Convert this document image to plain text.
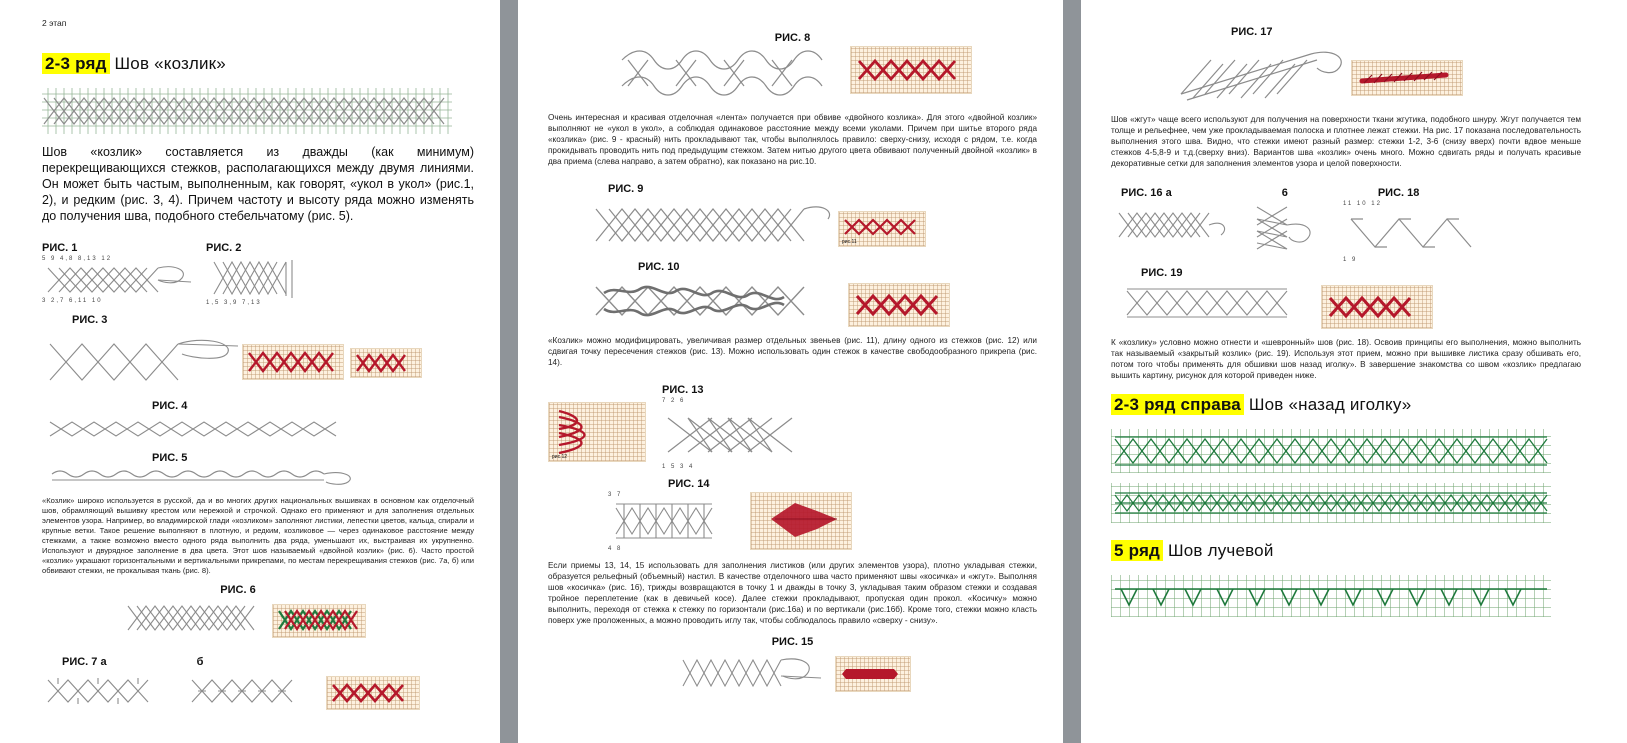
2 этап
2-3 ряд Шов «козлик»

Шов «козлик» составляется из дважды (как минимум) перекрещивающихся стежков, располагающихся между двумя линиями. Он может быть частым, выполненным, как говорят, «укол в укол» (рис.1, 2), и редким (рис. 3, 4). Причем частоту и высоту ряда можно изменять до получения шва, подобного стебельчатому (рис. 5).

РИС. 1
5 9 4,8 8,13 12
3 2,7 6,11 10
РИС. 2
1,5 3,9 7,13
РИС. 3
РИС. 4
РИС. 5

«Козлик» широко используется в русской, да и во многих других национальных вышивках в основном как отделочный шов, обрамляющий вышивку крестом или нережкой и строчкой. Однако его применяют и для заполнения отдельных элементов узора. Например, во владимирской глади «козликом» заполняют листики, лепестки цветов, кальца, спирали и крупные ветки. Такое решение выполняют в плотную, и редким, козликовое — через одинаковое расстояние между стежками, а также возможно вместо одного ряда выполнить два ряда, уменьшают их, выстраивая их укрупненно. Используют и двурядное заполнение в два цвета. Этот шов называемый «двойной козлик» (рис. 6). Часто простой «козлик» украшают горизонтальными и вертикальными прикрепами, по местам перекрещивания стежков (рис. 7а, б) или обвивают стежки, не прокалывая ткань (рис. 8).

РИС. 6
РИС. 7 а	б
РИС. 8

Очень интересная и красивая отделочная «лента» получается при обвиве «двойного козлика». Для этого «двойной козлик» выполняют не «укол в укол», а соблюдая одинаковое расстояние между всеми уколами. Причем при шитье второго ряда «козлика» (рис. 9 - красный) нить прокладывают так, чтобы выполнялось правило: сверху-снизу, исходя с рядом, т.е. когда прокидывать проводить нить под предыдущим стежком. Затем нитью другого цвета обвивают полученный двойной «козлик» в два приема (слева направо, а затем обратно), как показано на рис.10.

РИС. 9
рис.11
РИС. 10

«Козлик» можно модифицировать, увеличивая размер отдельных звеньев (рис. 11), длину одного из стежков (рис. 12) или сдвигая точку пересечения стежков (рис. 13). Можно использовать один стежок в качестве свободообразного прикрепа (рис. 14).

рис.12
РИС. 13
7 2 6
1 5 3 4
РИС. 14
3 7
4 8

Если приемы 13, 14, 15 использовать для заполнения листиков (или других элементов узора), плотно укладывая стежки, образуется рельефный (объемный) настил. В качестве отделочного шва часто применяют швы «косичка» и «жгут». Выполняя шов «косичка» (рис. 16), трижды возвращаются в точку 1 и дважды в точку 3, укладывая таким образом стежки и создавая тройное переплетение (как в девичьей косе). Далее стежки прокладывают, пропуская один прокол. «Косичку» можно выполнить, переходя от стежка к стежку по горизонтали (рис.16а) и по вертикали (рис.16б). Кроме того, стежки можно класть поверх уже проложенных, а можно проводить иглу так, чтобы соблюдалось правило «сверху - снизу».

РИС. 15
РИС. 17

Шов «жгут» чаще всего используют для получения на поверхности ткани жгутика, подобного шнуру. Жгут получается тем толще и рельефнее, чем уже прокладываемая полоска и плотнее лежат стежки. На рис. 17 показана последовательность выполнения этого шва. Видно, что стежки имеют разный размер: стежки 1-2, 3-6 (снизу вверх) почти вдвое меньше стежков 4-5,8-9 и т.д.(сверху вниз). Вариантов шва «козлик» очень много. Можно сдвигать ряды и получать красивые декоративные сетки для заполнения элементов узора и целой поверхности.

РИС. 16 а	6	РИС. 18
11 10 12
1 9
РИС. 19

К «козлику» условно можно отнести и «шевронный» шов (рис. 18). Освоив принципы его выполнения, можно выполнить так называемый «закрытый козлик» (рис. 19). Используя этот прием, можно при вышивке листика сразу обшивать его, потом того чтобы применять для обшивки шов назад иголку». В завершение знакомства со швом «козлик» предлагаю вышить картину, рисунок для которой приведен ниже.

2-3 ряд справа Шов «назад иголку»
5 ряд Шов лучевой
